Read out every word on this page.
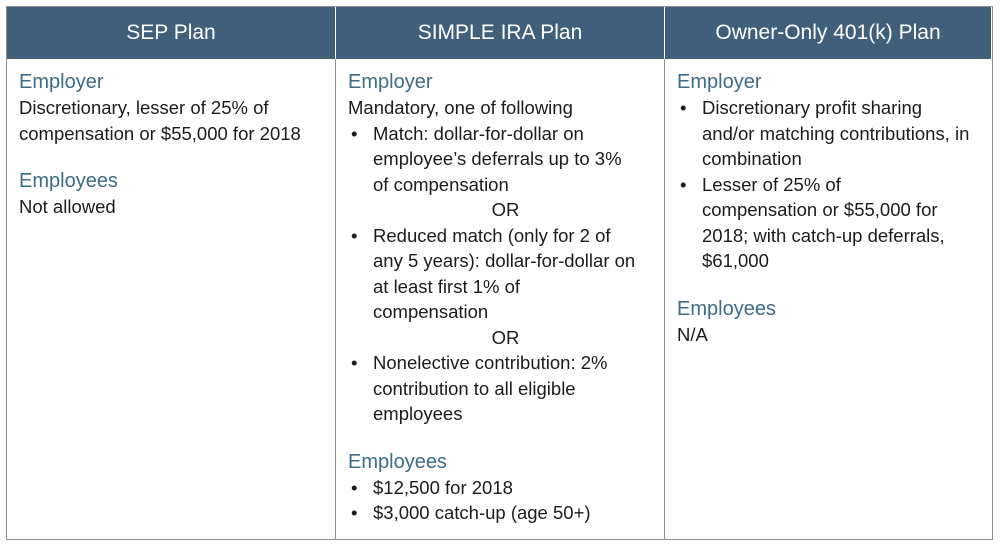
SEP Plan	SIMPLE IRA Plan	Owner-Only 401(k) Plan
Employer

Discretionary, lesser of 25% of compensation or $55,000 for 2018

Employees

Not allowed

Employer

Mandatory, one of following

• Match: dollar-for-dollar on employee’s deferrals up to 3% of compensation
OR
• Reduced match (only for 2 of any 5 years): dollar-for-dollar on at least first 1% of compensation
OR
• Nonelective contribution: 2% contribution to all eligible employees
Employees
• $12,500 for 2018
• $3,000 catch-up (age 50+)
Employer
• Discretionary profit sharing and/or matching contributions, in combination
• Lesser of 25% of compensation or $55,000 for 2018; with catch-up deferrals, $61,000
Employees

N/A
